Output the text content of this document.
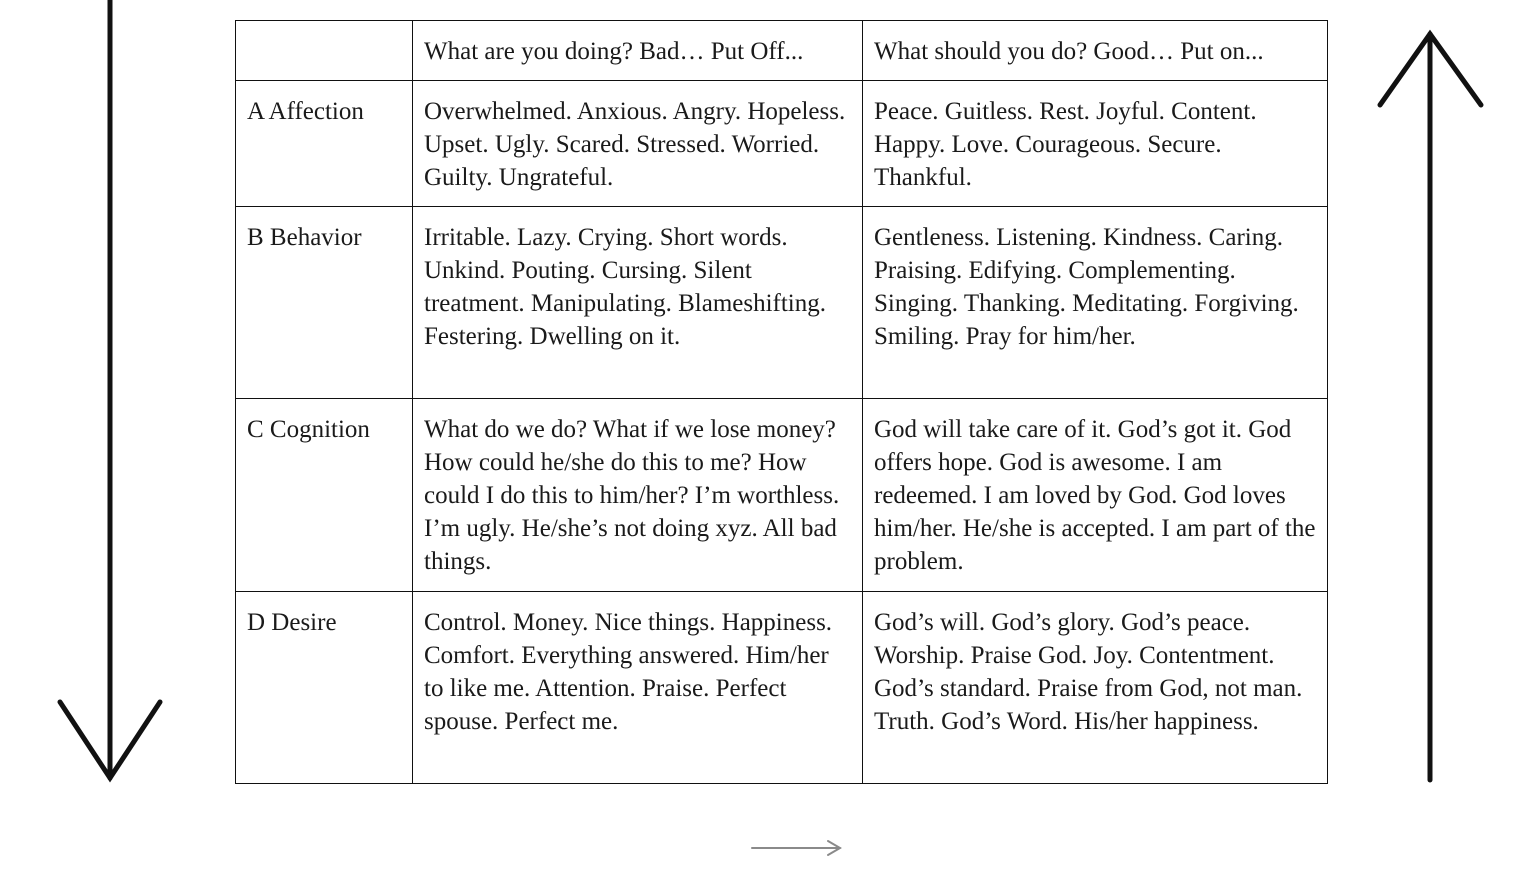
	What are you doing? Bad… Put Off...	What should you do? Good… Put on...
A Affection	Overwhelmed. Anxious. Angry. Hopeless. Upset. Ugly. Scared. Stressed. Worried. Guilty. Ungrateful.	Peace. Guitless. Rest. Joyful. Content. Happy. Love. Courageous. Secure. Thankful.
B Behavior	Irritable. Lazy. Crying. Short words. Unkind. Pouting. Cursing. Silent treatment. Manipulating. Blameshifting. Festering. Dwelling on it.	Gentleness. Listening. Kindness. Caring. Praising. Edifying. Complementing. Singing. Thanking. Meditating. Forgiving. Smiling. Pray for him/her.
C Cognition	What do we do? What if we lose money? How could he/she do this to me? How could I do this to him/her? I’m worthless. I’m ugly. He/she’s not doing xyz. All bad things.	God will take care of it. God’s got it. God offers hope. God is awesome. I am redeemed. I am loved by God. God loves him/her. He/she is accepted. I am part of the problem.
D Desire	Control. Money. Nice things. Happiness. Comfort. Everything answered. Him/her to like me. Attention. Praise. Perfect spouse. Perfect me.	God’s will. God’s glory. God’s peace. Worship. Praise God. Joy. Contentment. God’s standard. Praise from God, not man. Truth. God’s Word. His/her happiness.
